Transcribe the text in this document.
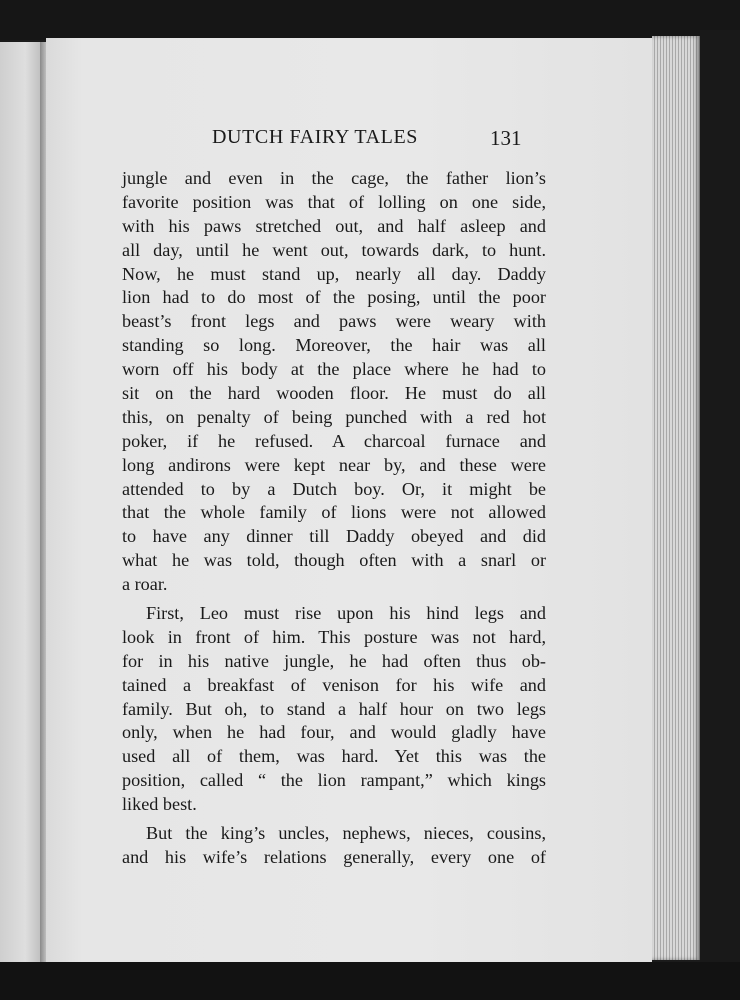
DUTCH FAIRY TALES	131
jungle and even in the cage, the father lion’s
favorite position was that of lolling on one side,
with his paws stretched out, and half asleep and
all day, until he went out, towards dark, to hunt.
Now, he must stand up, nearly all day. Daddy
lion had to do most of the posing, until the poor
beast’s front legs and paws were weary with
standing so long. Moreover, the hair was all
worn off his body at the place where he had to
sit on the hard wooden floor. He must do all
this, on penalty of being punched with a red hot
poker, if he refused. A charcoal furnace and
long andirons were kept near by, and these were
attended to by a Dutch boy. Or, it might be
that the whole family of lions were not allowed
to have any dinner till Daddy obeyed and did
what he was told, though often with a snarl or
a roar.
First, Leo must rise upon his hind legs and
look in front of him. This posture was not hard,
for in his native jungle, he had often thus ob-
tained a breakfast of venison for his wife and
family. But oh, to stand a half hour on two legs
only, when he had four, and would gladly have
used all of them, was hard. Yet this was the
position, called “ the lion rampant,” which kings
liked best.
But the king’s uncles, nephews, nieces, cousins,
and his wife’s relations generally, every one of
